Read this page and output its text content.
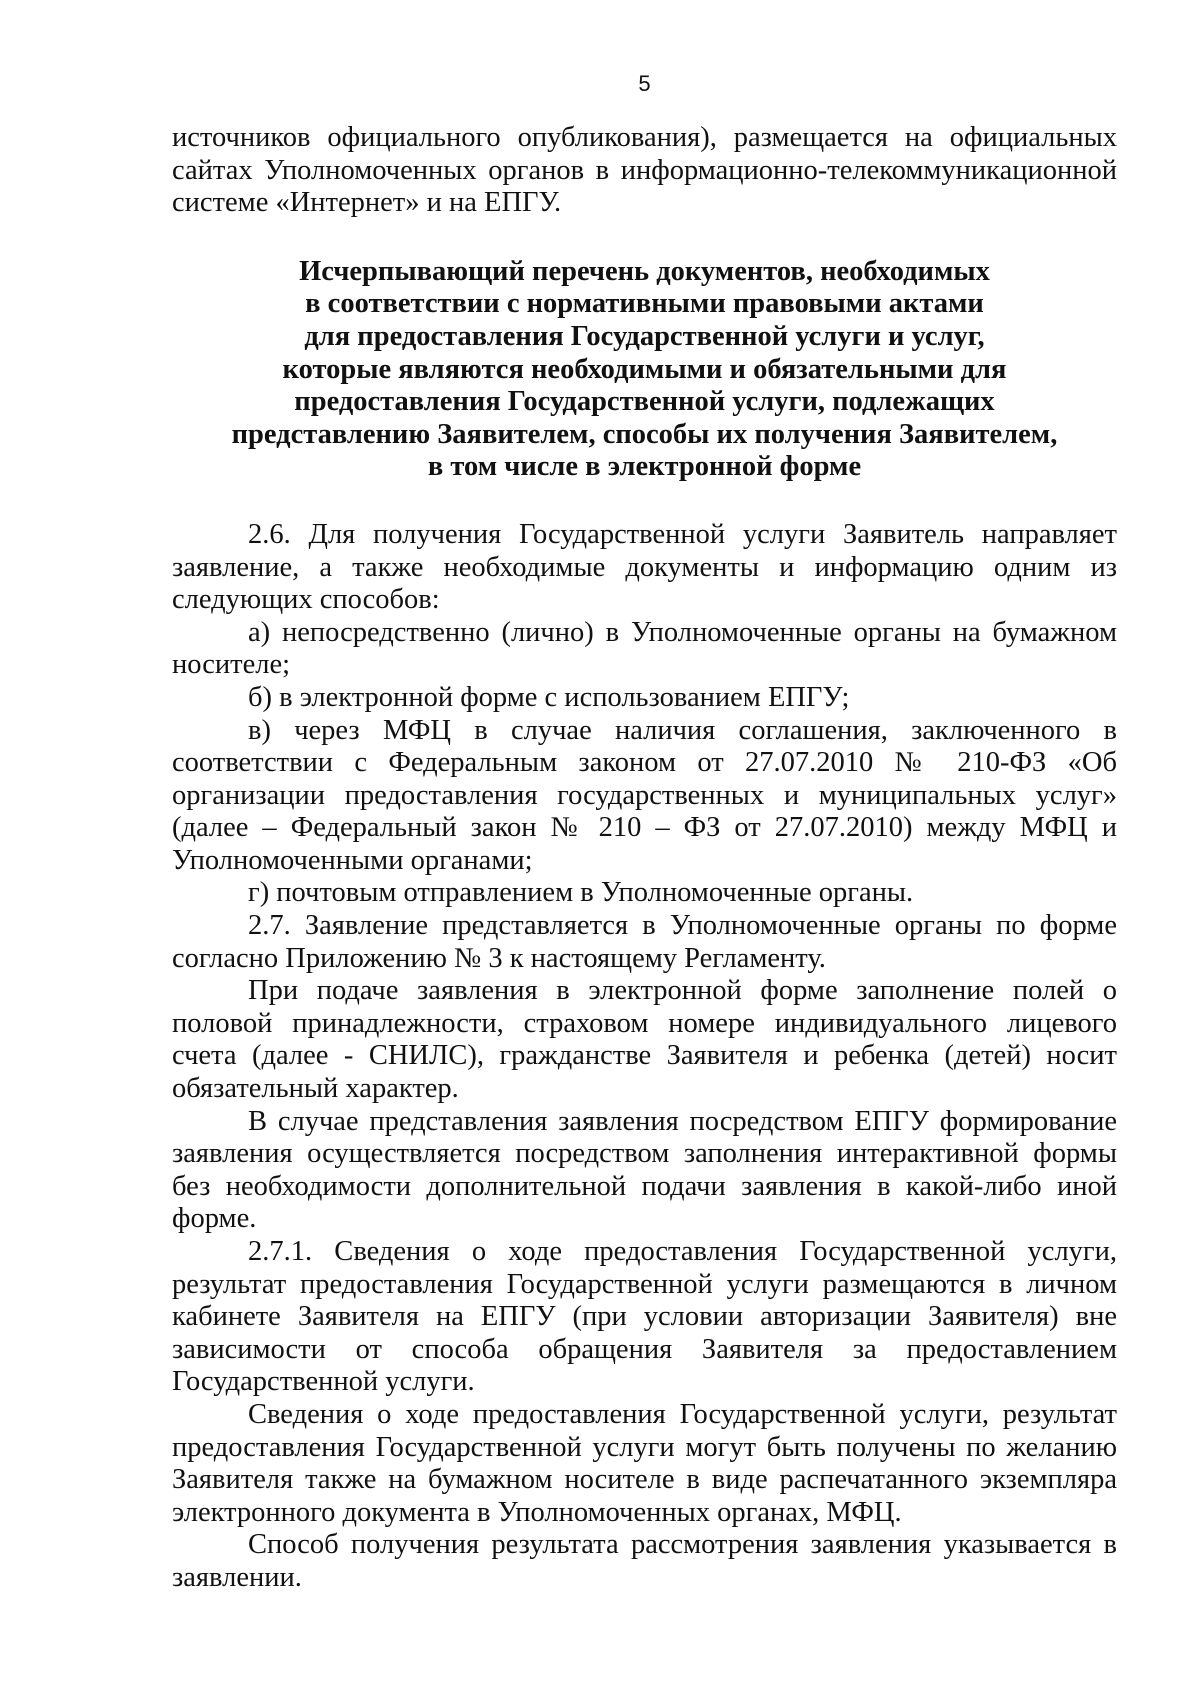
5

источников официального опубликования), размещается на официальных сайтах Уполномоченных органов в информационно-телекоммуникационной системе «Интернет» и на ЕПГУ.

Исчерпывающий перечень документов, необходимых
в соответствии с нормативными правовыми актами
для предоставления Государственной услуги и услуг,
которые являются необходимыми и обязательными для
предоставления Государственной услуги, подлежащих
представлению Заявителем, способы их получения Заявителем,
в том числе в электронной форме

2.6. Для получения Государственной услуги Заявитель направляет заявление, а также необходимые документы и информацию одним из следующих способов:

а) непосредственно (лично) в Уполномоченные органы на бумажном носителе;

б) в электронной форме с использованием ЕПГУ;

в) через МФЦ в случае наличия соглашения, заключенного в соответствии с Федеральным законом от 27.07.2010 № 210-ФЗ «Об организации предоставления государственных и муниципальных услуг» (далее – Федеральный закон № 210 – ФЗ от 27.07.2010) между МФЦ и Уполномоченными органами;

г) почтовым отправлением в Уполномоченные органы.

2.7. Заявление представляется в Уполномоченные органы по форме согласно Приложению № 3 к настоящему Регламенту.

При подаче заявления в электронной форме заполнение полей о половой принадлежности, страховом номере индивидуального лицевого счета (далее - СНИЛС), гражданстве Заявителя и ребенка (детей) носит обязательный характер.

В случае представления заявления посредством ЕПГУ формирование заявления осуществляется посредством заполнения интерактивной формы без необходимости дополнительной подачи заявления в какой-либо иной форме.

2.7.1. Сведения о ходе предоставления Государственной услуги, результат предоставления Государственной услуги размещаются в личном кабинете Заявителя на ЕПГУ (при условии авторизации Заявителя) вне зависимости от способа обращения Заявителя за предоставлением Государственной услуги.

Сведения о ходе предоставления Государственной услуги, результат предоставления Государственной услуги могут быть получены по желанию Заявителя также на бумажном носителе в виде распечатанного экземпляра электронного документа в Уполномоченных органах, МФЦ.

Способ получения результата рассмотрения заявления указывается в заявлении.
